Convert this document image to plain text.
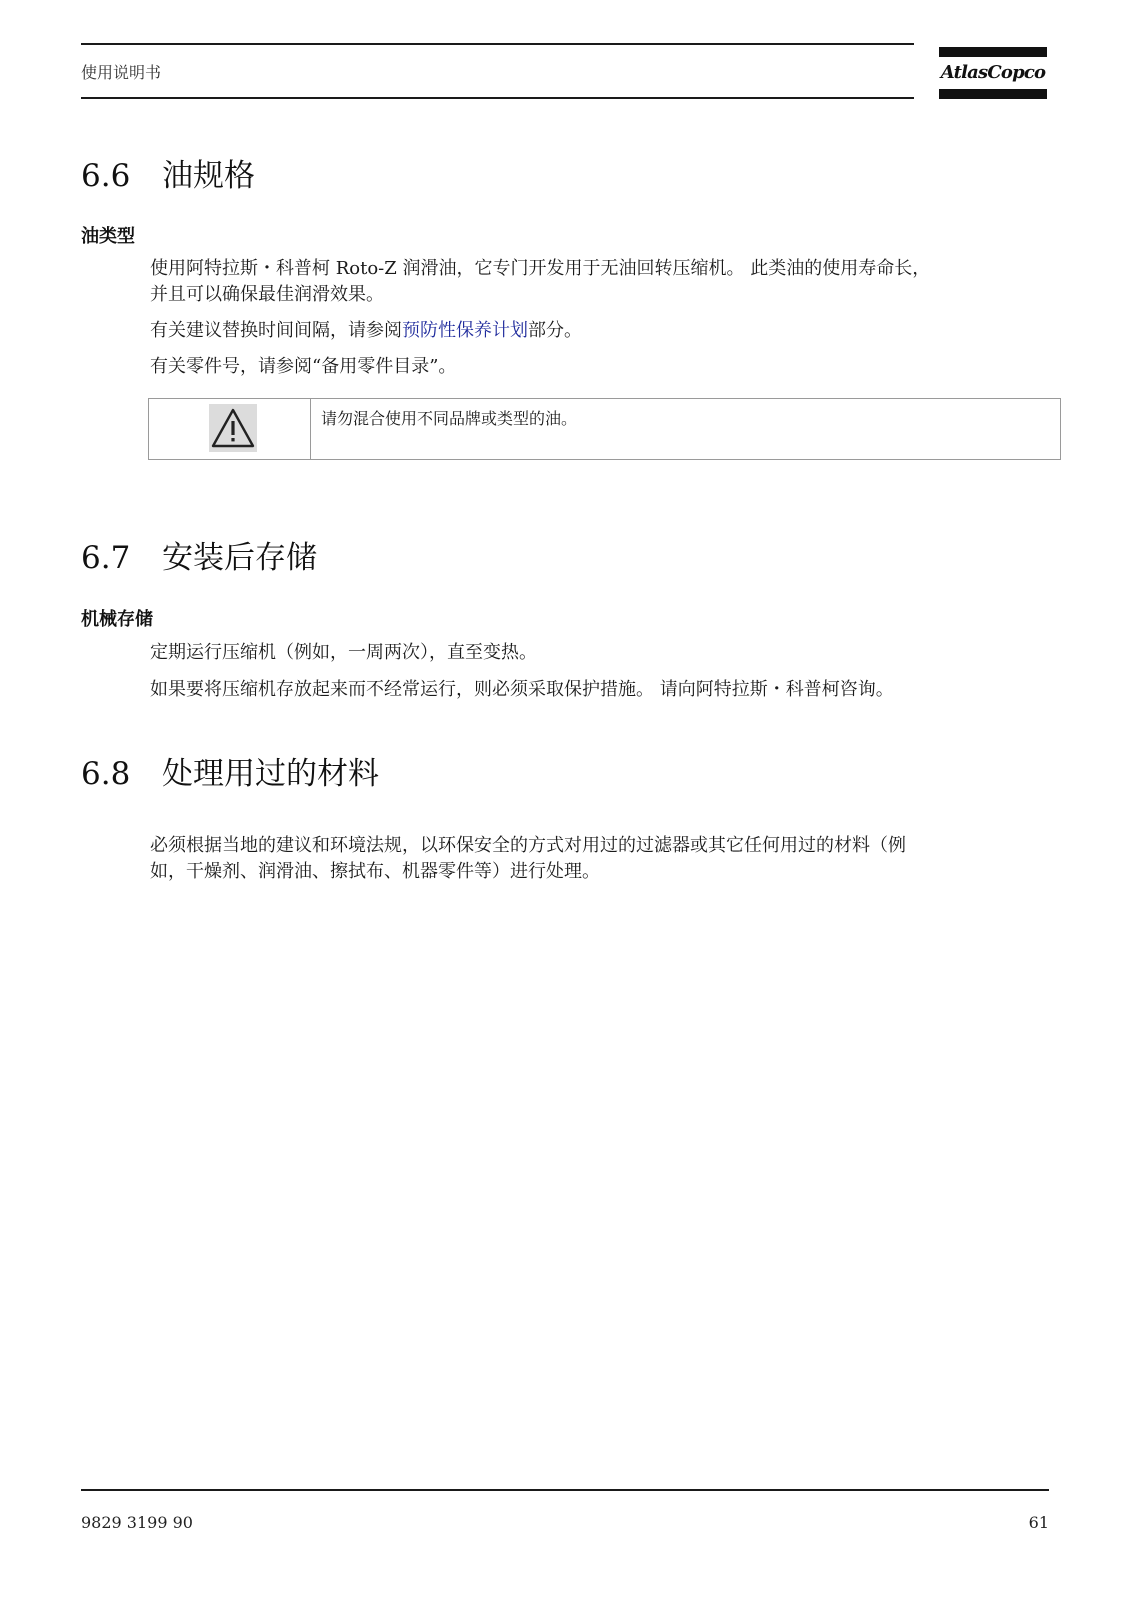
使用说明书	AtlasCopco
6.6 油规格
油类型
使用阿特拉斯・科普柯 Roto-Z 润滑油，它专门开发用于无油回转压缩机。 此类油的使用寿命长，
并且可以确保最佳润滑效果。
有关建议替换时间间隔，请参阅预防性保养计划部分。
有关零件号，请参阅“备用零件目录”。
请勿混合使用不同品牌或类型的油。
6.7 安装后存储
机械存储
定期运行压缩机（例如，一周两次），直至变热。
如果要将压缩机存放起来而不经常运行，则必须采取保护措施。 请向阿特拉斯・科普柯咨询。
6.8 处理用过的材料
必须根据当地的建议和环境法规，以环保安全的方式对用过的过滤器或其它任何用过的材料（例
如，干燥剂、润滑油、擦拭布、机器零件等）进行处理。
9829 3199 90	61
